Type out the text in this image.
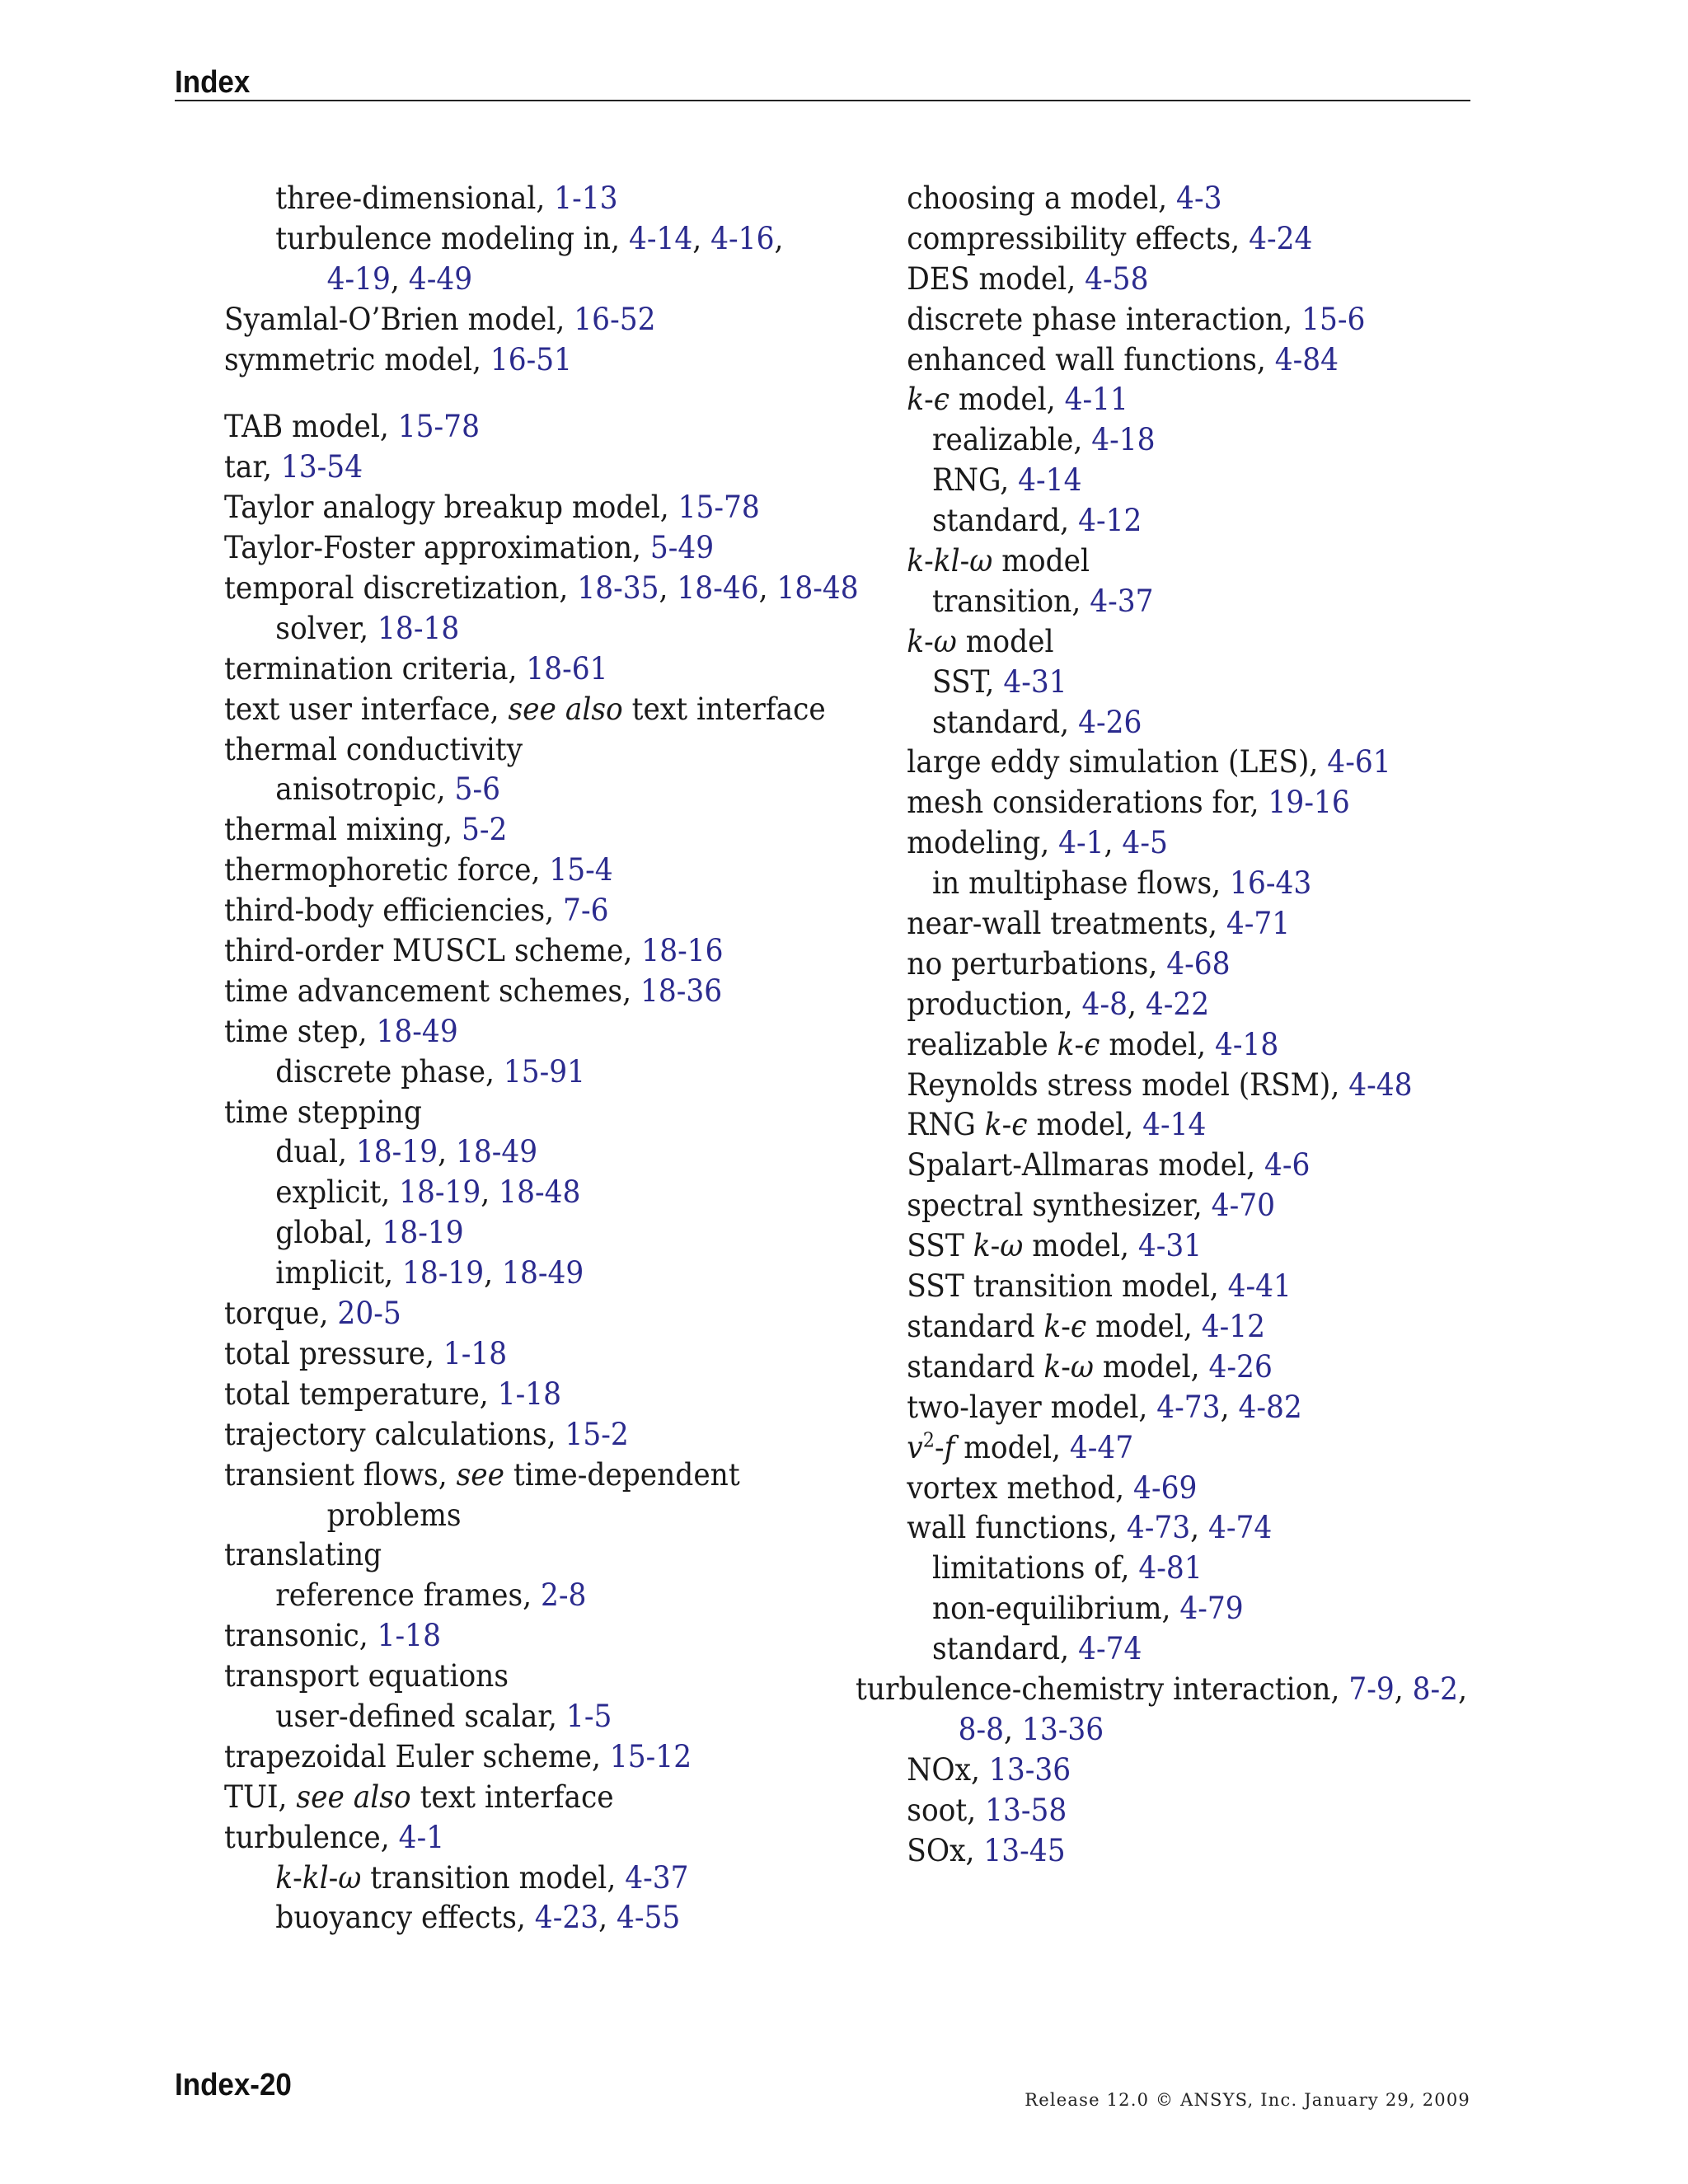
Index
three-dimensional, 1-13
turbulence modeling in, 4-14, 4-16,
4-19, 4-49
Syamlal-O’Brien model, 16-52
symmetric model, 16-51
TAB model, 15-78
tar, 13-54
Taylor analogy breakup model, 15-78
Taylor-Foster approximation, 5-49
temporal discretization, 18-35, 18-46, 18-48
solver, 18-18
termination criteria, 18-61
text user interface, see also text interface
thermal conductivity
anisotropic, 5-6
thermal mixing, 5-2
thermophoretic force, 15-4
third-body efficiencies, 7-6
third-order MUSCL scheme, 18-16
time advancement schemes, 18-36
time step, 18-49
discrete phase, 15-91
time stepping
dual, 18-19, 18-49
explicit, 18-19, 18-48
global, 18-19
implicit, 18-19, 18-49
torque, 20-5
total pressure, 1-18
total temperature, 1-18
trajectory calculations, 15-2
transient flows, see time-dependent
problems
translating
reference frames, 2-8
transonic, 1-18
transport equations
user-defined scalar, 1-5
trapezoidal Euler scheme, 15-12
TUI, see also text interface
turbulence, 4-1
k-kl-ω transition model, 4-37
buoyancy effects, 4-23, 4-55
choosing a model, 4-3
compressibility effects, 4-24
DES model, 4-58
discrete phase interaction, 15-6
enhanced wall functions, 4-84
k-ϵ model, 4-11
realizable, 4-18
RNG, 4-14
standard, 4-12
k-kl-ω model
transition, 4-37
k-ω model
SST, 4-31
standard, 4-26
large eddy simulation (LES), 4-61
mesh considerations for, 19-16
modeling, 4-1, 4-5
in multiphase flows, 16-43
near-wall treatments, 4-71
no perturbations, 4-68
production, 4-8, 4-22
realizable k-ϵ model, 4-18
Reynolds stress model (RSM), 4-48
RNG k-ϵ model, 4-14
Spalart-Allmaras model, 4-6
spectral synthesizer, 4-70
SST k-ω model, 4-31
SST transition model, 4-41
standard k-ϵ model, 4-12
standard k-ω model, 4-26
two-layer model, 4-73, 4-82
$v^2-f$ model, 4-47
vortex method, 4-69
wall functions, 4-73, 4-74
limitations of, 4-81
non-equilibrium, 4-79
standard, 4-74
turbulence-chemistry interaction, 7-9, 8-2,
8-8, 13-36
NOx, 13-36
soot, 13-58
SOx, 13-45
Index-20	Release 12.0 © ANSYS, Inc. January 29, 2009
